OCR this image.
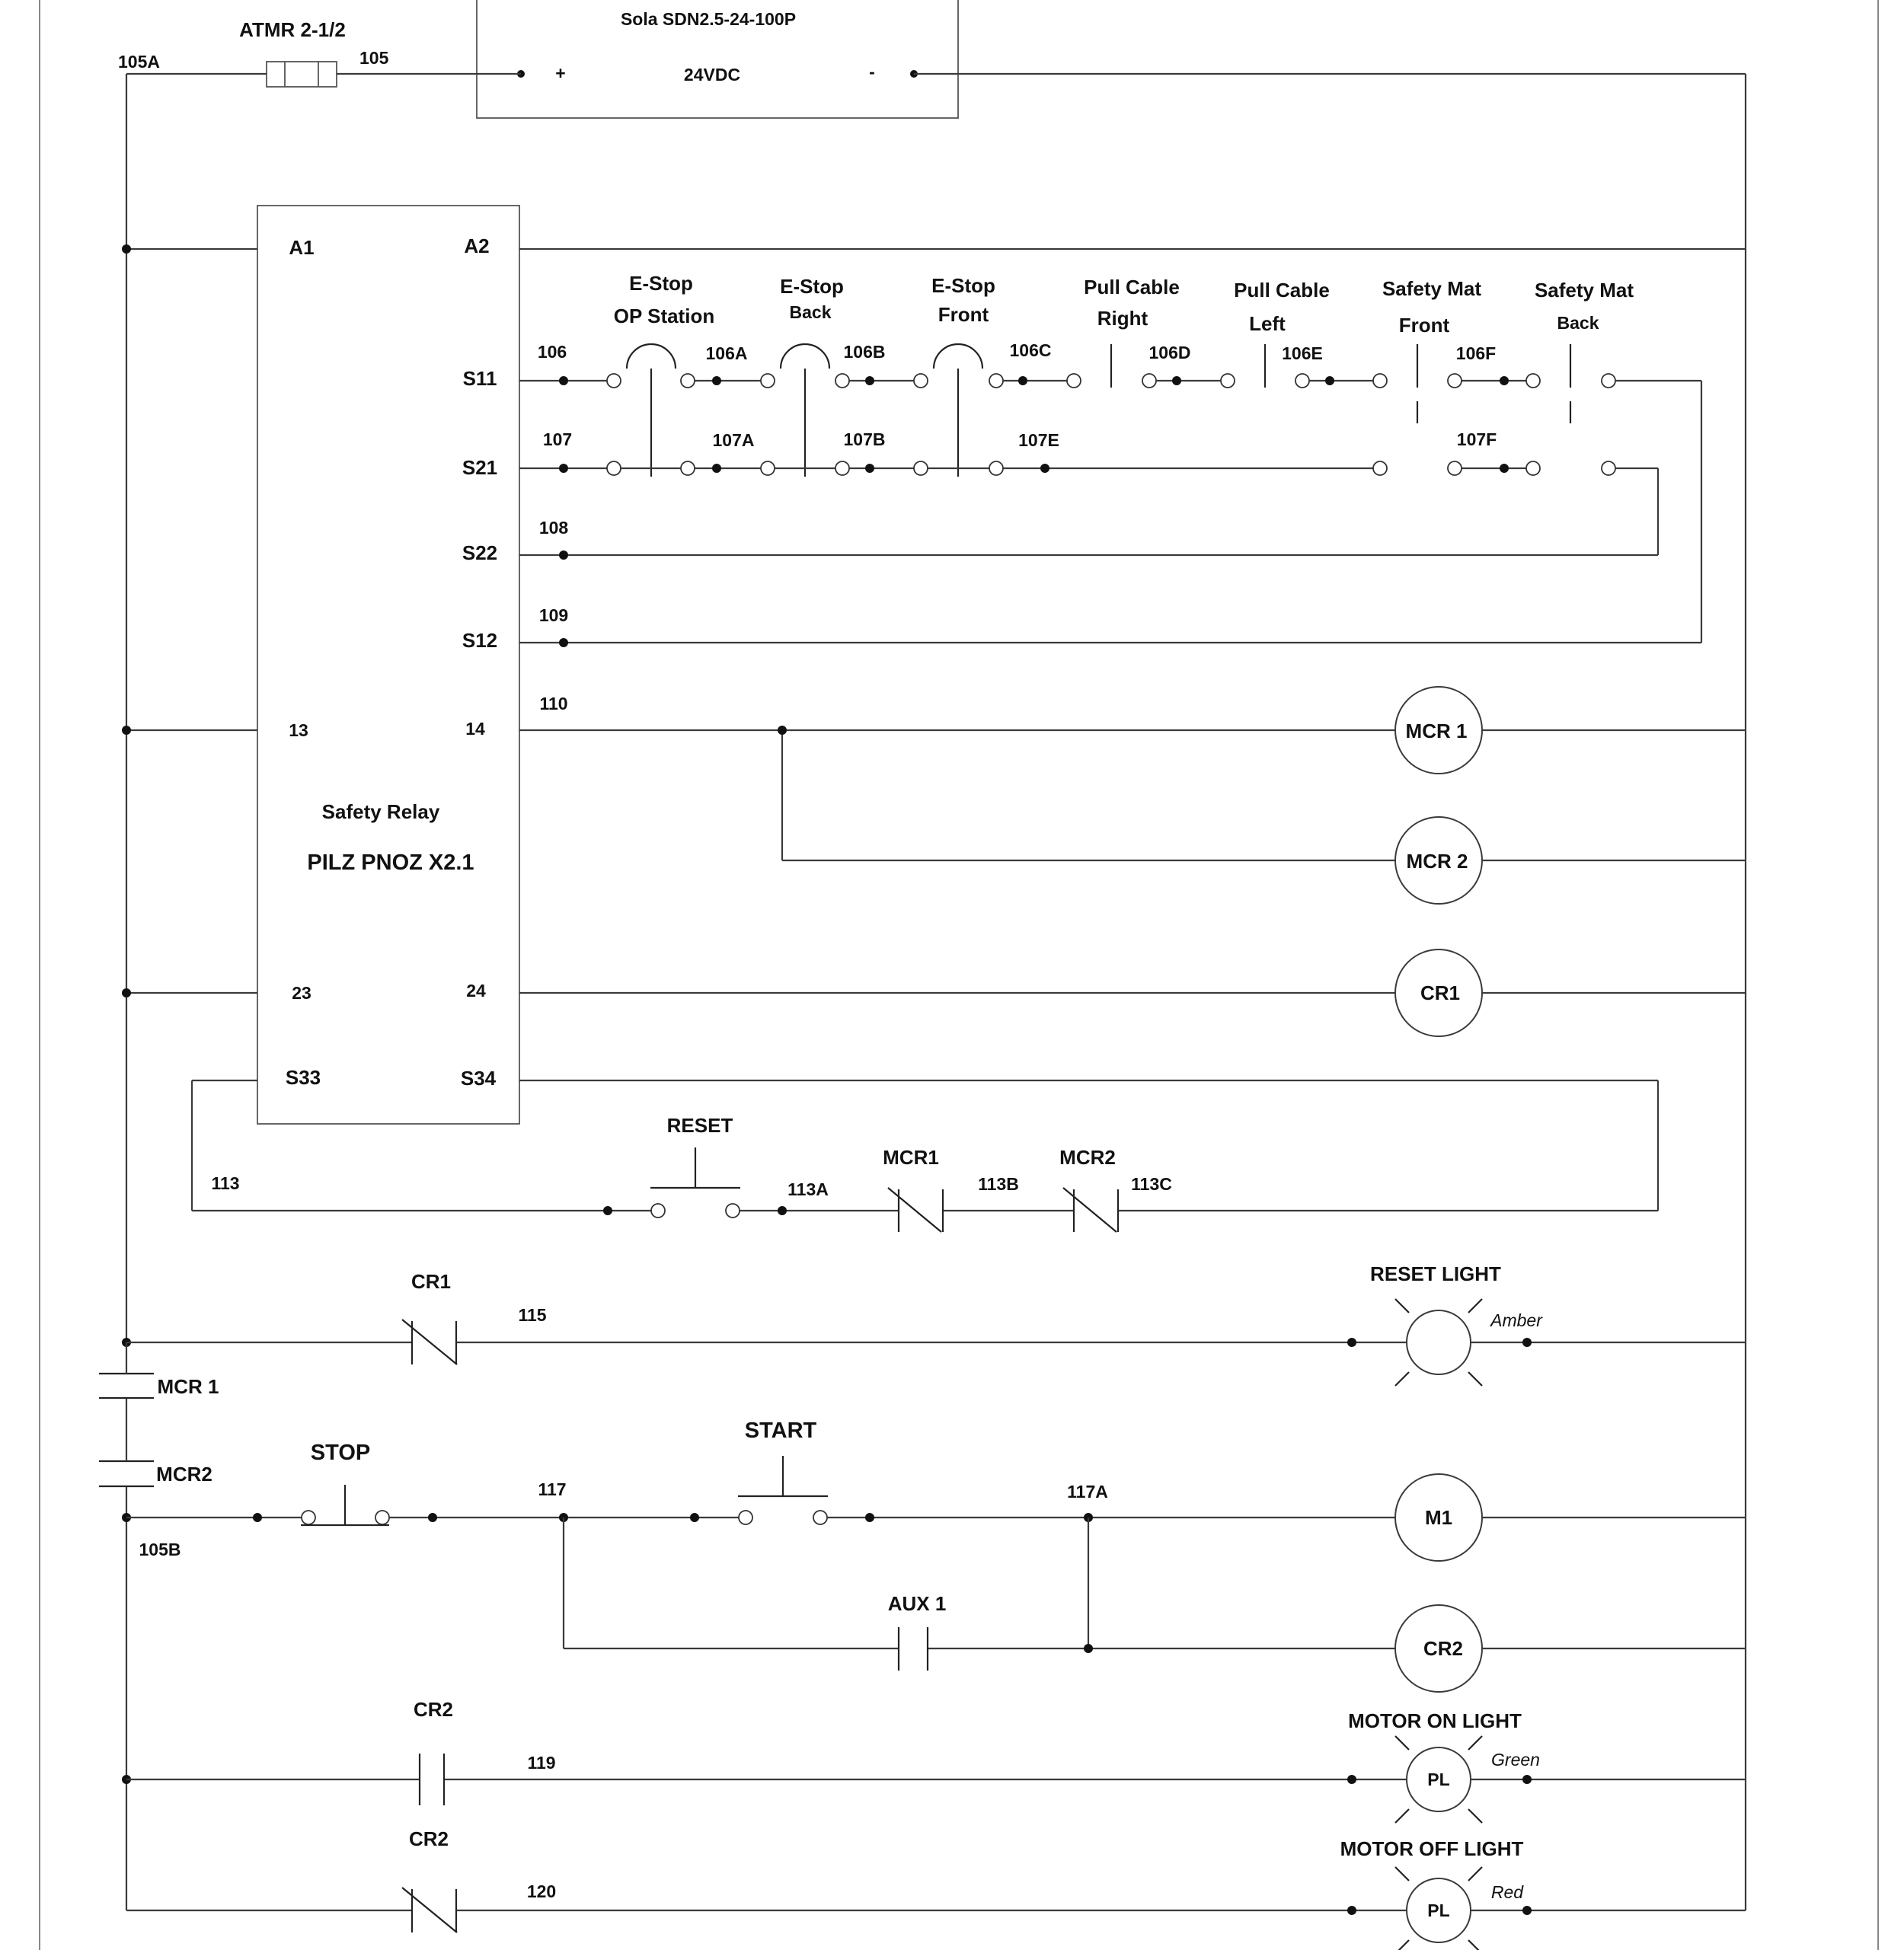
Sola SDN2.5-24-100P
24VDC
+	-
ATMR 2-1/2
105A	105
A1	A2
S11
S21
S22
S12
13	14
Safety Relay
PILZ PNOZ X2.1
23	24
S33	S34
E-Stop
OP Station
E-Stop
Back
E-Stop
Front
Pull Cable
Right
Pull Cable
Left
Safety Mat
Front
Safety Mat
Back
106	106A	106B	106C	106D	106E	106F
107	107A	107B	107E	107F
108
109
110
MCR 1
MCR 2
CR1
113	113A	113B	113C
RESET
MCR1	MCR2
CR1
115
RESET LIGHT
Amber
MCR 1
MCR2
105B
STOP
START
117	117A
M1
AUX 1
CR2
CR2
119
PL
MOTOR ON LIGHT
Green
CR2
120
PL
MOTOR OFF LIGHT
Red
